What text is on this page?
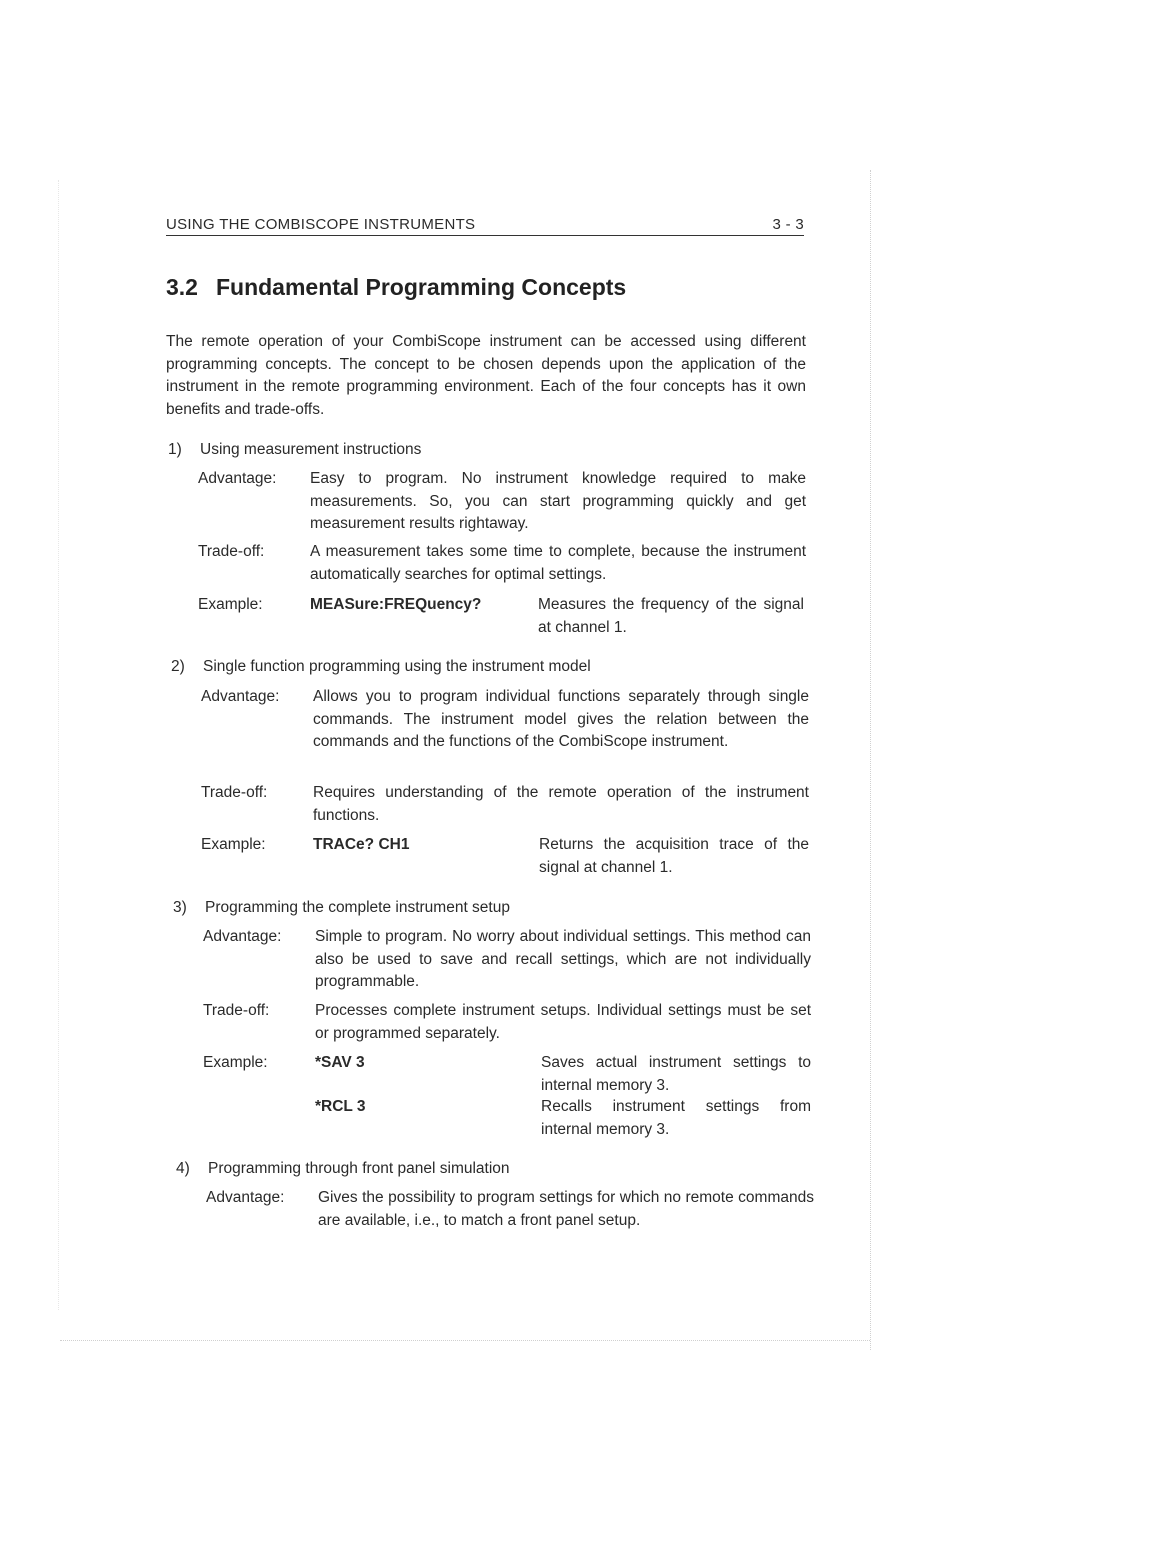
USING THE COMBISCOPE INSTRUMENTS	3 - 3
3.2 Fundamental Programming Concepts

The remote operation of your CombiScope instrument can be accessed using different programming concepts. The concept to be chosen depends upon the application of the instrument in the remote programming environment. Each of the four concepts has it own benefits and trade-offs.

1) Using measurement instructions
Advantage: Easy to program. No instrument knowledge required to make measurements. So, you can start programming quickly and get measurement results rightaway.

Trade-off:	A measurement takes some time to complete, because the instrument automatically searches for optimal settings.

Example:	MEASure:FREQuency?	Measures the frequency of the signal at channel 1.

2) Single function programming using the instrument model
Advantage: Allows you to program individual functions separately through single commands. The instrument model gives the relation between the commands and the functions of the CombiScope instrument.

Trade-off:	Requires understanding of the remote operation of the instrument functions.

Example:	TRACe? CH1	Returns the acquisition trace of the signal at channel 1.

3) Programming the complete instrument setup
Advantage: Simple to program. No worry about individual settings. This method can also be used to save and recall settings, which are not individually programmable.

Trade-off:	Processes complete instrument setups. Individual settings must be set or programmed separately.

Example:	*SAV 3	Saves actual instrument settings to internal memory 3.

*RCL 3	Recalls instrument settings from internal memory 3.

4) Programming through front panel simulation
Advantage: Gives the possibility to program settings for which no remote commands are available, i.e., to match a front panel setup.
